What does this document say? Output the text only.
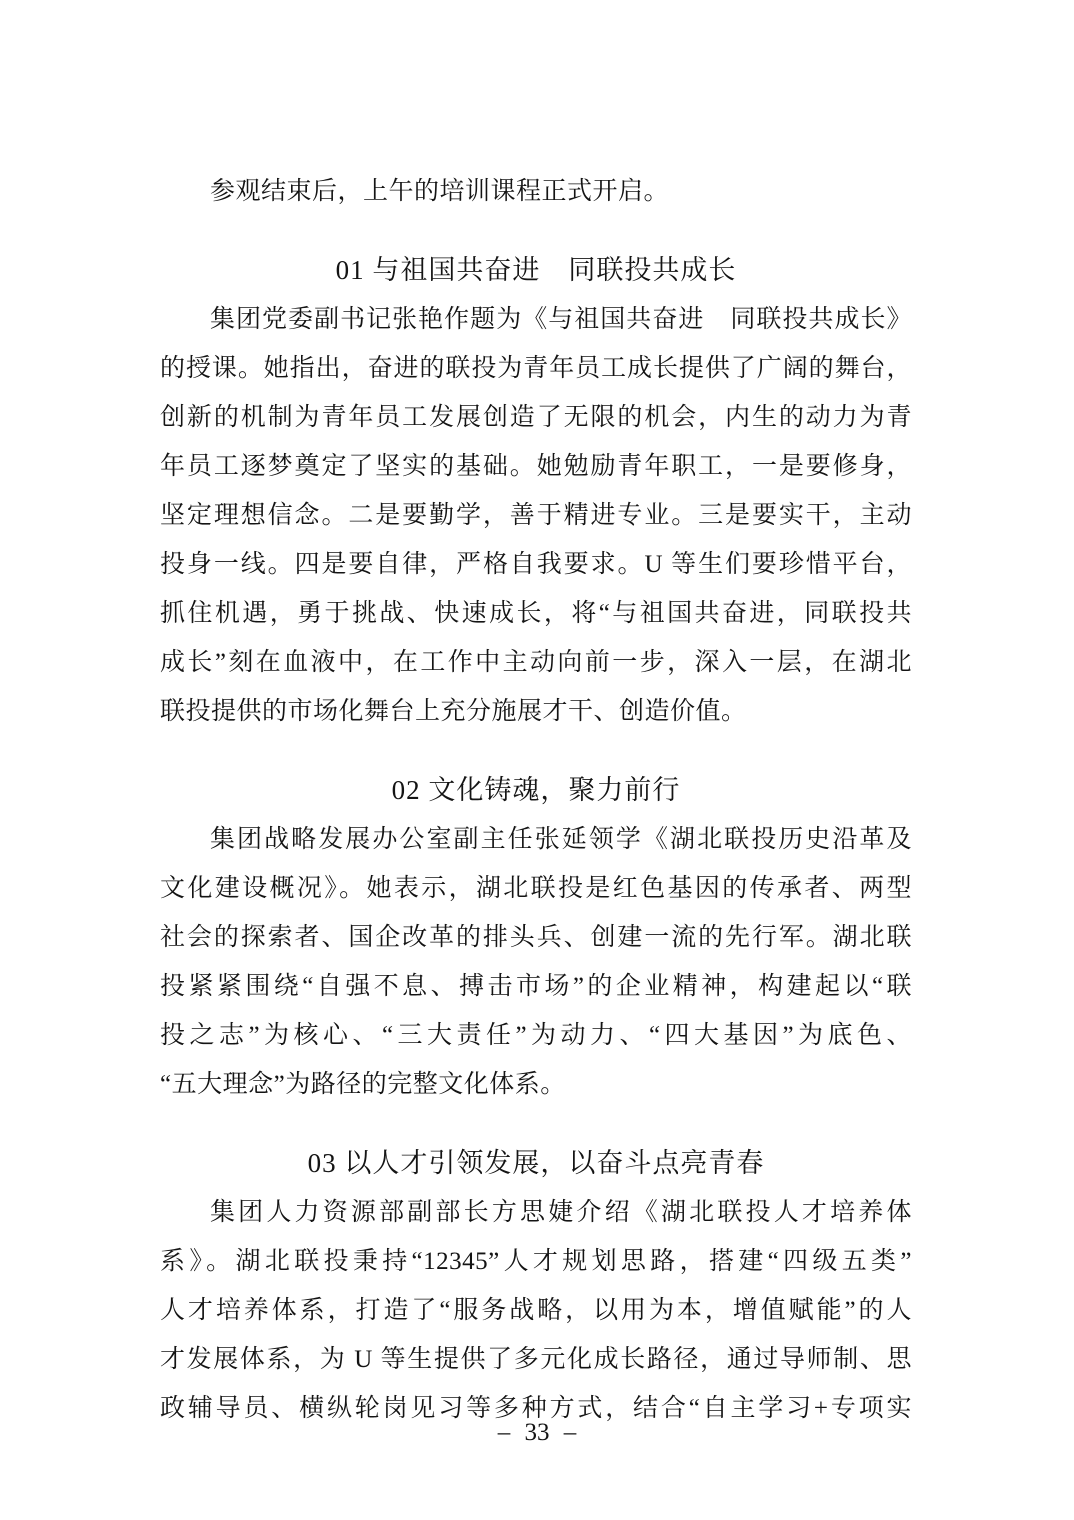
参观结束后，上午的培训课程正式开启。

01 与祖国共奋进　同联投共成长
集团党委副书记张艳作题为《与祖国共奋进　同联投共成长》
的授课。她指出，奋进的联投为青年员工成长提供了广阔的舞台，
创新的机制为青年员工发展创造了无限的机会，内生的动力为青
年员工逐梦奠定了坚实的基础。她勉励青年职工，一是要修身，
坚定理想信念。二是要勤学，善于精进专业。三是要实干，主动
投身一线。四是要自律，严格自我要求。U 等生们要珍惜平台，
抓住机遇，勇于挑战、快速成长，将“与祖国共奋进，同联投共
成长”刻在血液中，在工作中主动向前一步，深入一层，在湖北
联投提供的市场化舞台上充分施展才干、创造价值。
02 文化铸魂，聚力前行
集团战略发展办公室副主任张延领学《湖北联投历史沿革及
文化建设概况》。她表示，湖北联投是红色基因的传承者、两型
社会的探索者、国企改革的排头兵、创建一流的先行军。湖北联
投紧紧围绕“自强不息、搏击市场”的企业精神，构建起以“联
投之志”为核心、“三大责任”为动力、“四大基因”为底色、
“五大理念”为路径的完整文化体系。
03 以人才引领发展，以奋斗点亮青春
集团人力资源部副部长方思婕介绍《湖北联投人才培养体
系》。湖北联投秉持“12345”人才规划思路，搭建“四级五类”
人才培养体系，打造了“服务战略，以用为本，增值赋能”的人
才发展体系，为 U 等生提供了多元化成长路径，通过导师制、思
政辅导员、横纵轮岗见习等多种方式，结合“自主学习+专项实
– 33 –
